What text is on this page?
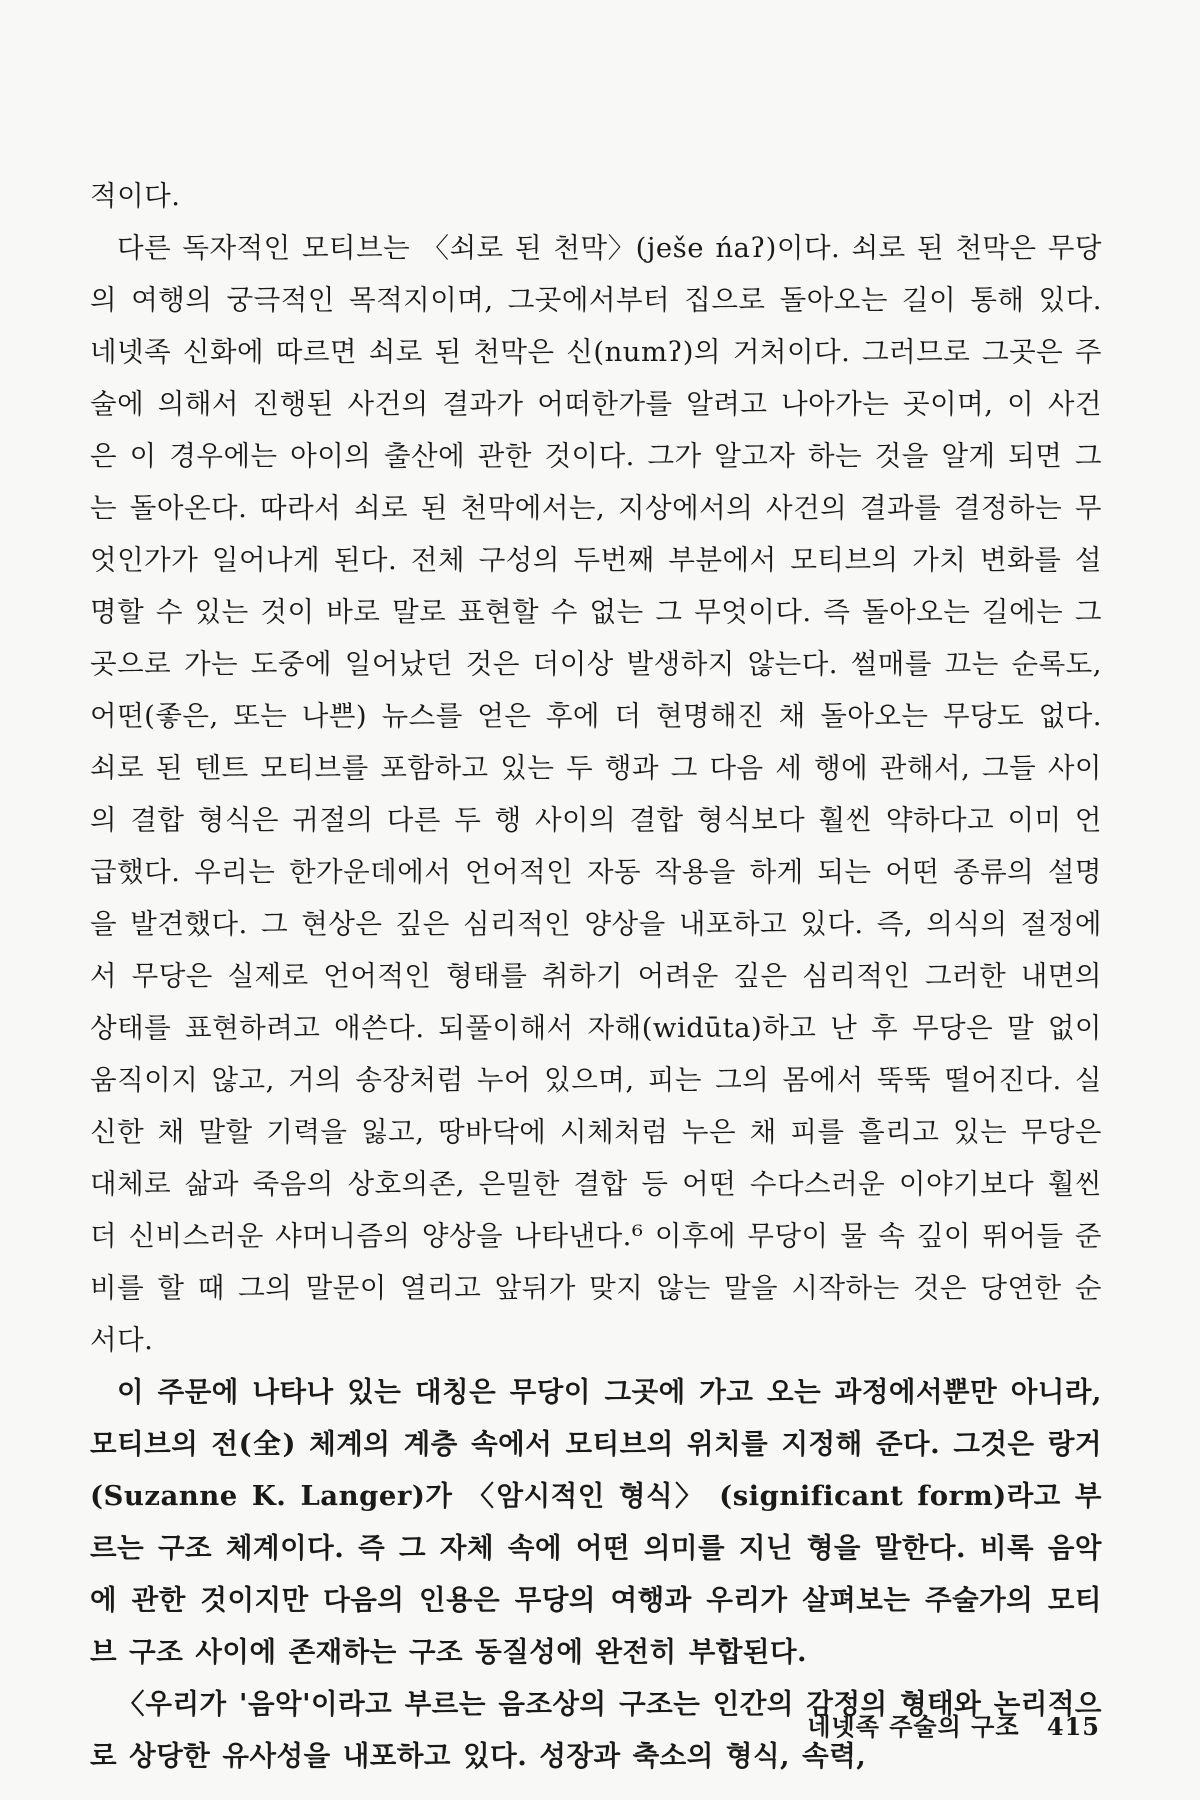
적이다.

다른 독자적인 모티브는 〈쇠로 된 천막〉(ješe ńaʔ)이다. 쇠로 된 천막은 무당의 여행의 궁극적인 목적지이며, 그곳에서부터 집으로 돌아오는 길이 통해 있다. 네넷족 신화에 따르면 쇠로 된 천막은 신(numʔ)의 거처이다. 그러므로 그곳은 주술에 의해서 진행된 사건의 결과가 어떠한가를 알려고 나아가는 곳이며, 이 사건은 이 경우에는 아이의 출산에 관한 것이다. 그가 알고자 하는 것을 알게 되면 그는 돌아온다. 따라서 쇠로 된 천막에서는, 지상에서의 사건의 결과를 결정하는 무엇인가가 일어나게 된다. 전체 구성의 두번째 부분에서 모티브의 가치 변화를 설명할 수 있는 것이 바로 말로 표현할 수 없는 그 무엇이다. 즉 돌아오는 길에는 그곳으로 가는 도중에 일어났던 것은 더이상 발생하지 않는다. 썰매를 끄는 순록도, 어떤(좋은, 또는 나쁜) 뉴스를 얻은 후에 더 현명해진 채 돌아오는 무당도 없다. 쇠로 된 텐트 모티브를 포함하고 있는 두 행과 그 다음 세 행에 관해서, 그들 사이의 결합 형식은 귀절의 다른 두 행 사이의 결합 형식보다 훨씬 약하다고 이미 언급했다. 우리는 한가운데에서 언어적인 자동 작용을 하게 되는 어떤 종류의 설명을 발견했다. 그 현상은 깊은 심리적인 양상을 내포하고 있다. 즉, 의식의 절정에서 무당은 실제로 언어적인 형태를 취하기 어려운 깊은 심리적인 그러한 내면의 상태를 표현하려고 애쓴다. 되풀이해서 자해(widūta)하고 난 후 무당은 말 없이 움직이지 않고, 거의 송장처럼 누어 있으며, 피는 그의 몸에서 뚝뚝 떨어진다. 실신한 채 말할 기력을 잃고, 땅바닥에 시체처럼 누은 채 피를 흘리고 있는 무당은 대체로 삶과 죽음의 상호의존, 은밀한 결합 등 어떤 수다스러운 이야기보다 훨씬 더 신비스러운 샤머니즘의 양상을 나타낸다.⁶ 이후에 무당이 물 속 깊이 뛰어들 준비를 할 때 그의 말문이 열리고 앞뒤가 맞지 않는 말을 시작하는 것은 당연한 순서다.

이 주문에 나타나 있는 대칭은 무당이 그곳에 가고 오는 과정에서뿐만 아니라, 모티브의 전(全) 체계의 계층 속에서 모티브의 위치를 지정해 준다. 그것은 랑거(Suzanne K. Langer)가 〈암시적인 형식〉 (significant form)라고 부르는 구조 체계이다. 즉 그 자체 속에 어떤 의미를 지닌 형을 말한다. 비록 음악에 관한 것이지만 다음의 인용은 무당의 여행과 우리가 살펴보는 주술가의 모티브 구조 사이에 존재하는 구조 동질성에 완전히 부합된다.

〈우리가 '음악'이라고 부르는 음조상의 구조는 인간의 감정의 형태와 논리적으로 상당한 유사성을 내포하고 있다. 성장과 축소의 형식, 속력,

네넷족 주술의 구조 415
